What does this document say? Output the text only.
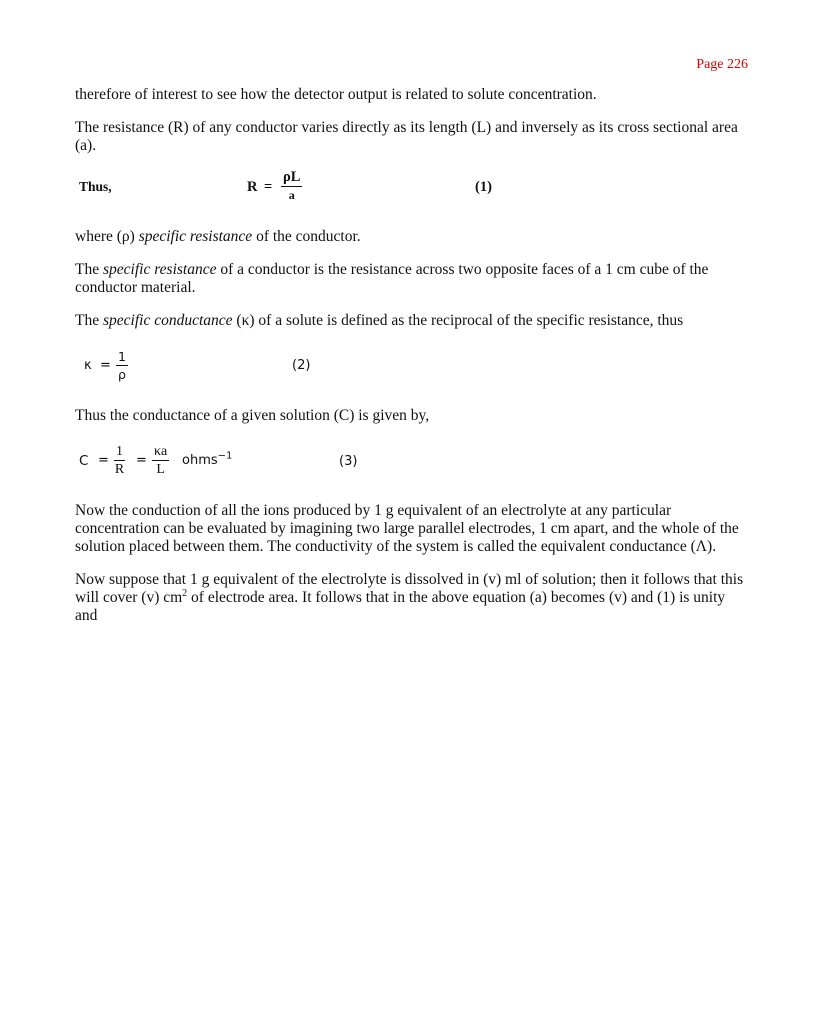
Page 226

therefore of interest to see how the detector output is related to solute concentration.

The resistance (R) of any conductor varies directly as its length (L) and inversely as its cross sectional area (a).

Thus,	R =
ρL
a	(1)

where (ρ) specific resistance of the conductor.

The specific resistance of a conductor is the resistance across two opposite faces of a 1 cm cube of the conductor material.

The specific conductance (κ) of a solute is defined as the reciprocal of the specific resistance, thus

$\kappa = \frac{1}{\rho}$	(2)

Thus the conductance of a given solution (C) is given by,

$C = \frac{1}{R} = \frac{\kappa a}{L}$ ohms$^{-1}$	(3)

Now the conduction of all the ions produced by 1 g equivalent of an electrolyte at any particular concentration can be evaluated by imagining two large parallel electrodes, 1 cm apart, and the whole of the solution placed between them. The conductivity of the system is called the equivalent conductance (Λ).

Now suppose that 1 g equivalent of the electrolyte is dissolved in (v) ml of solution; then it follows that this will cover (v) $cm^2$ of electrode area. It follows that in the above equation (a) becomes (v) and (1) is unity and
